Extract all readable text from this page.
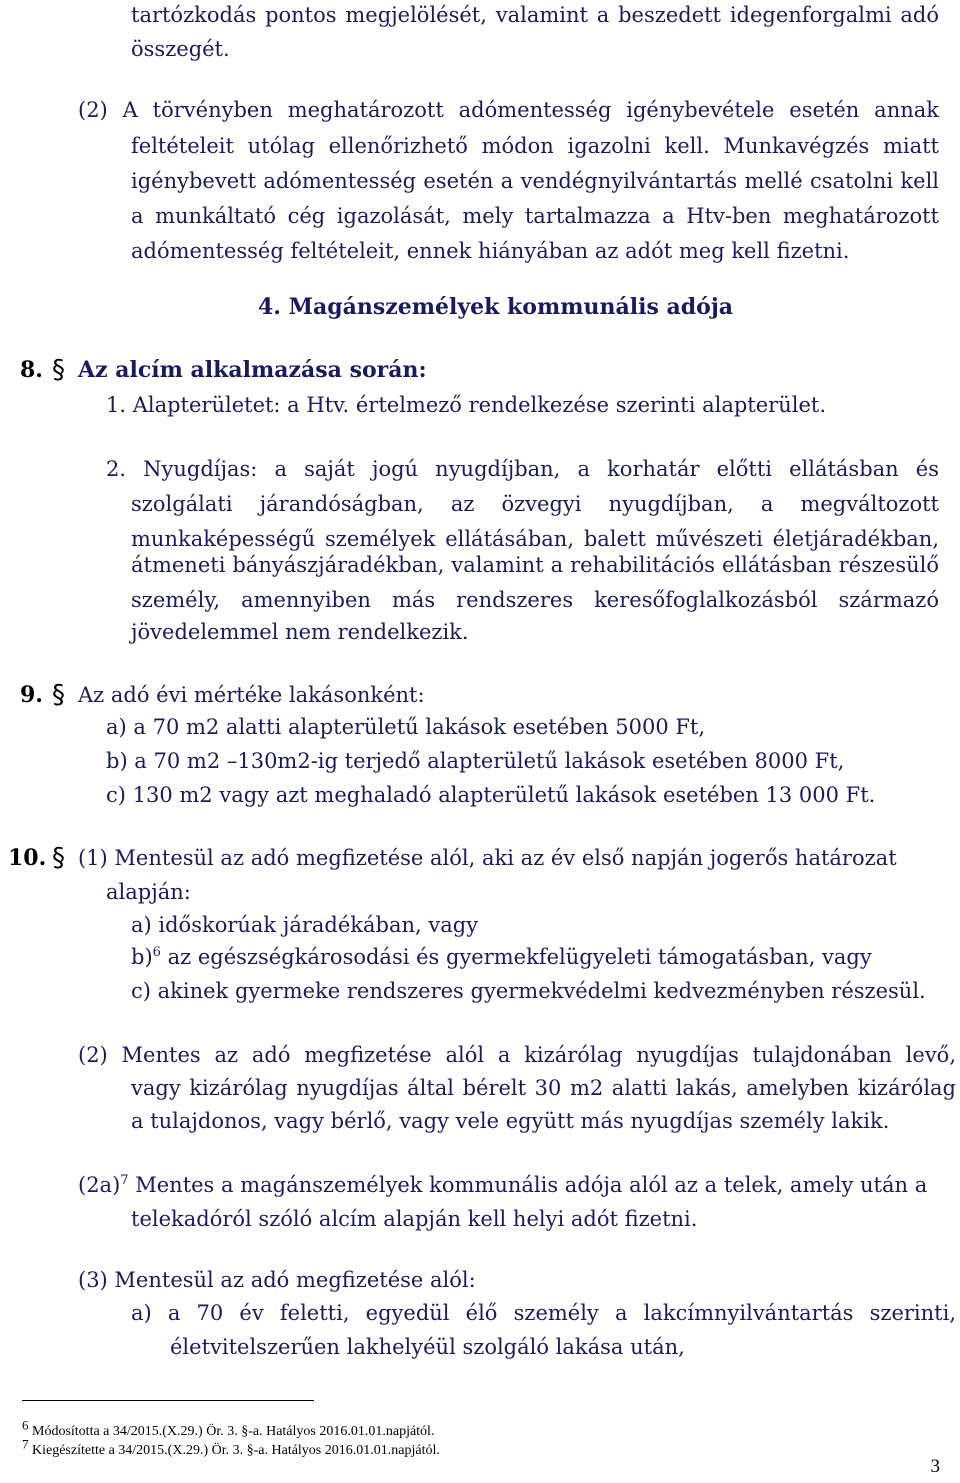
tartózkodás pontos megjelölését, valamint a beszedett idegenforgalmi adó
összegét.
(2) A törvényben meghatározott adómentesség igénybevétele esetén annak
feltételeit utólag ellenőrizhető módon igazolni kell. Munkavégzés miatt
igénybevett adómentesség esetén a vendégnyilvántartás mellé csatolni kell
a munkáltató cég igazolását, mely tartalmazza a Htv-ben meghatározott
adómentesség feltételeit, ennek hiányában az adót meg kell fizetni.
4. Magánszemélyek kommunális adója
8. § Az alcím alkalmazása során:
1. Alapterületet: a Htv. értelmező rendelkezése szerinti alapterület.
2. Nyugdíjas: a saját jogú nyugdíjban, a korhatár előtti ellátásban és
szolgálati járandóságban, az özvegyi nyugdíjban, a megváltozott
munkaképességű személyek ellátásában, balett művészeti életjáradékban,
átmeneti bányászjáradékban, valamint a rehabilitációs ellátásban részesülő
személy, amennyiben más rendszeres keresőfoglalkozásból származó
jövedelemmel nem rendelkezik.
9. § Az adó évi mértéke lakásonként:
a) a 70 m2 alatti alapterületű lakások esetében 5000 Ft,
b) a 70 m2 –130m2-ig terjedő alapterületű lakások esetében 8000 Ft,
c) 130 m2 vagy azt meghaladó alapterületű lakások esetében 13 000 Ft.
10. § (1) Mentesül az adó megfizetése alól, aki az év első napján jogerős határozat
alapján:
a) időskorúak járadékában, vagy
b)$^6$ az egészségkárosodási és gyermekfelügyeleti támogatásban, vagy
c) akinek gyermeke rendszeres gyermekvédelmi kedvezményben részesül.
(2) Mentes az adó megfizetése alól a kizárólag nyugdíjas tulajdonában levő,
vagy kizárólag nyugdíjas által bérelt 30 m2 alatti lakás, amelyben kizárólag
a tulajdonos, vagy bérlő, vagy vele együtt más nyugdíjas személy lakik.
$(2a)^7$ Mentes a magánszemélyek kommunális adója alól az a telek, amely után a
telekadóról szóló alcím alapján kell helyi adót fizetni.
(3) Mentesül az adó megfizetése alól:
a) a 70 év feletti, egyedül élő személy a lakcímnyilvántartás szerinti,
életvitelszerűen lakhelyéül szolgáló lakása után,
$^6$ Módosította a 34/2015.(X.29.) Ör. 3. §-a. Hatályos 2016.01.01.napjától.
$^7$ Kiegészítette a 34/2015.(X.29.) Ör. 3. §-a. Hatályos 2016.01.01.napjától.
3
